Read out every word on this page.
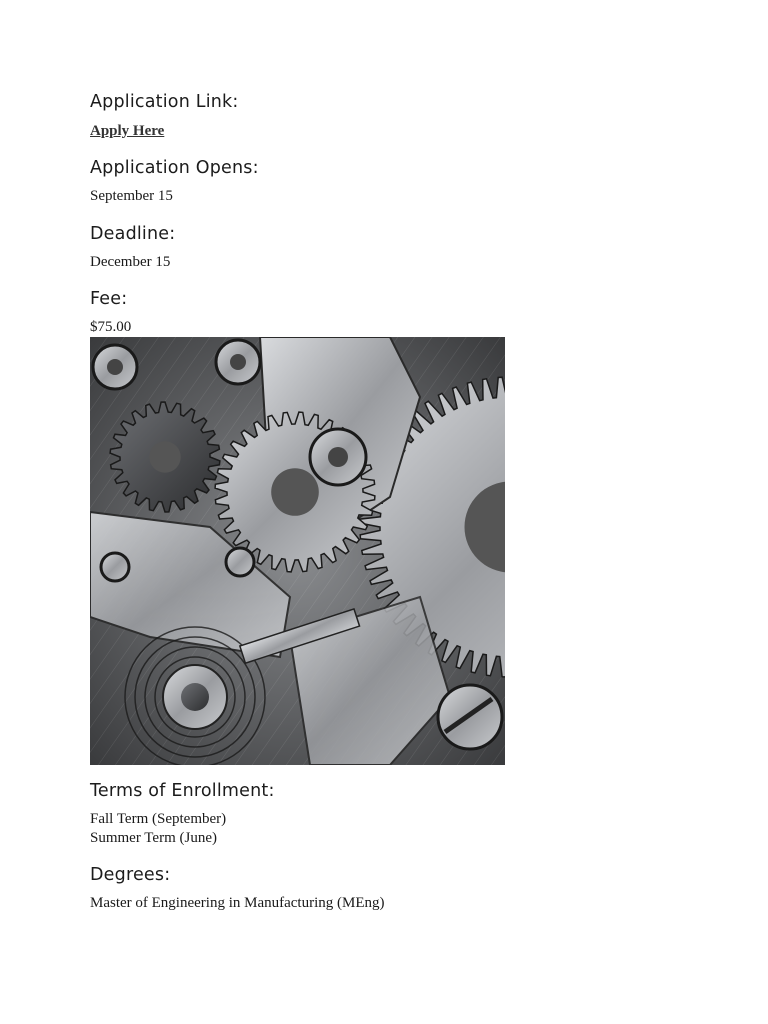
Application Link:
Apply Here
Application Opens:

September 15

Deadline:

December 15

Fee:

$75.00

Terms of Enrollment:

Fall Term (September)

Summer Term (June)

Degrees:

Master of Engineering in Manufacturing (MEng)
